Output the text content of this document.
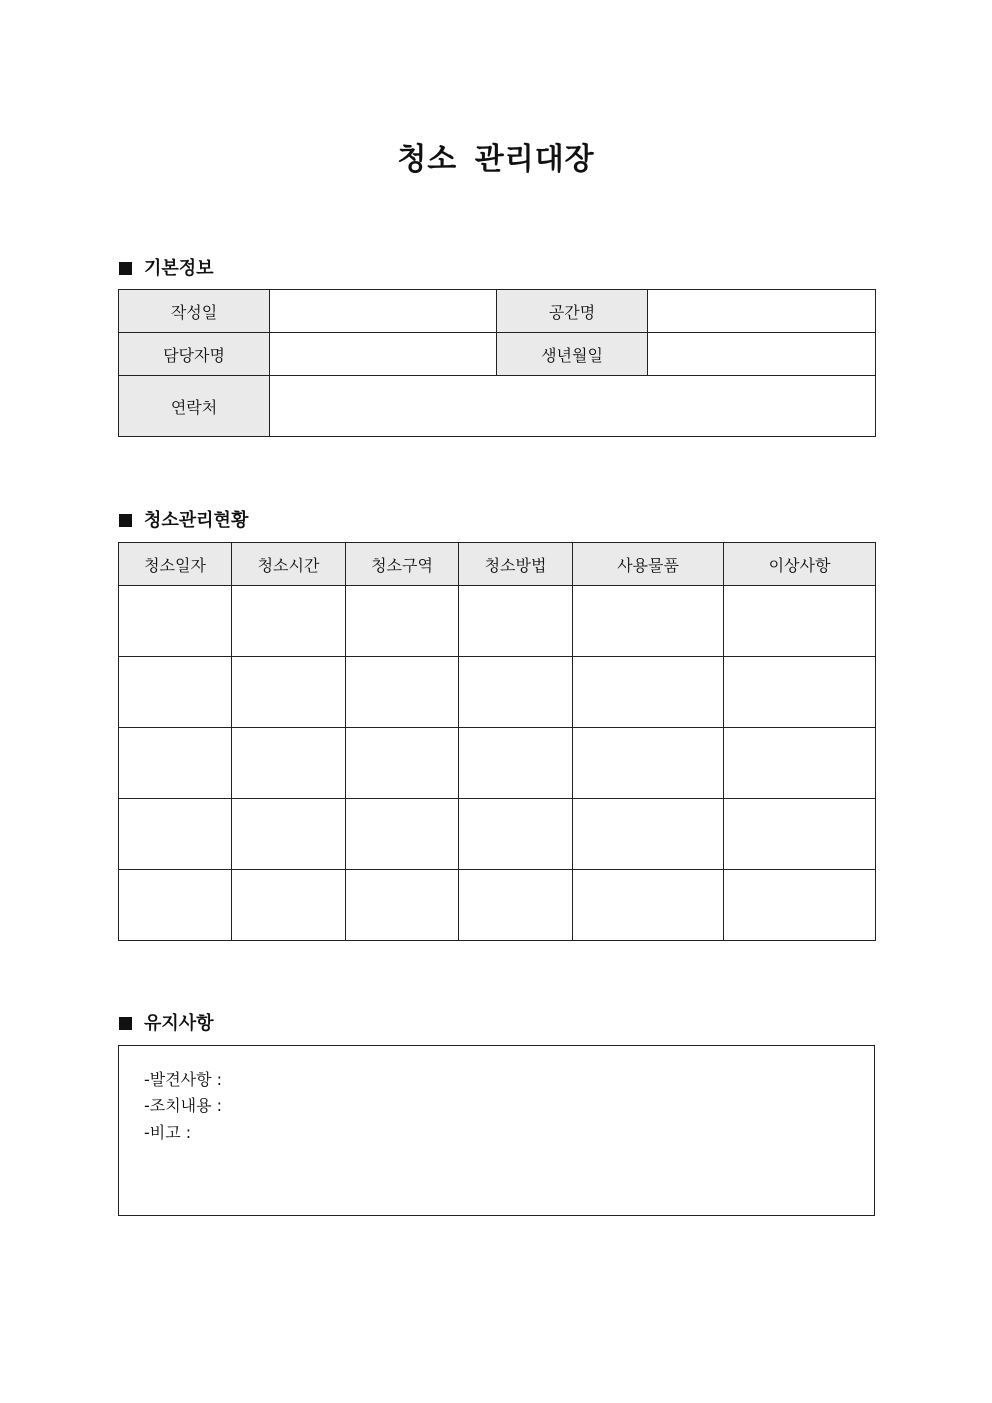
청소 관리대장
기본정보
작성일		공간명	
담당자명		생년월일	
연락처			
청소관리현황
청소일자	청소시간	청소구역	청소방법	사용물품	이상사항

유지사항
-발견사항 :
-조치내용 :
-비고 :
